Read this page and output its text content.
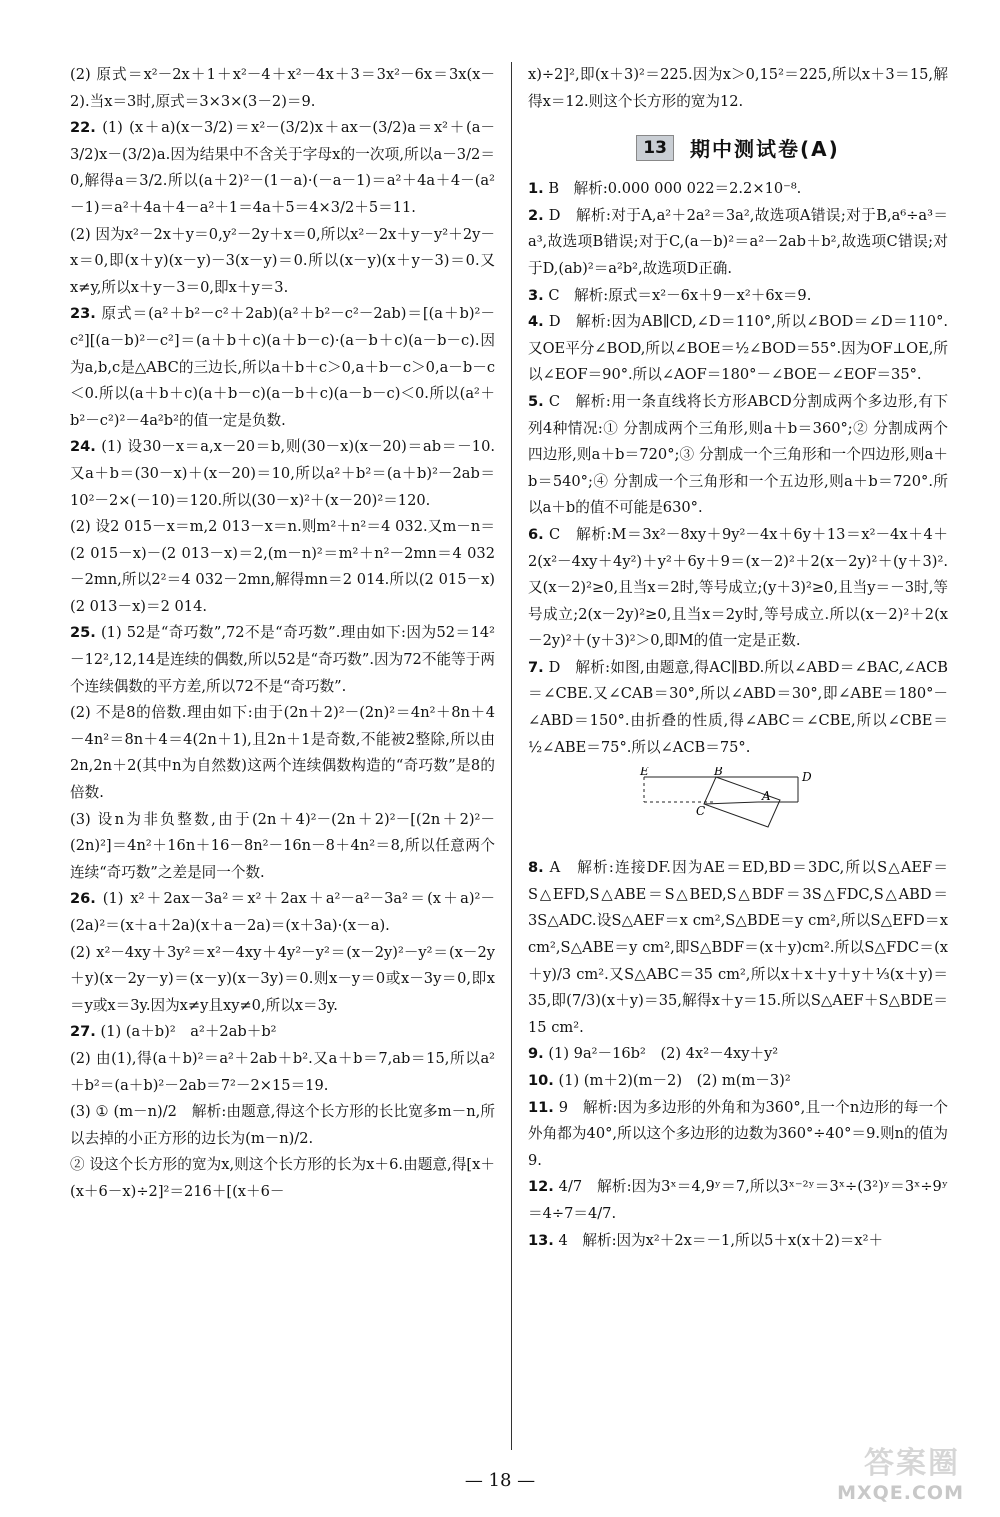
(2) 原式＝x²－2x＋1＋x²－4＋x²－4x＋3＝3x²－6x＝3x(x－2).当x＝3时,原式＝3×3×(3－2)＝9.

22. (1) (x＋a)(x－3/2)＝x²－(3/2)x＋ax－(3/2)a＝x²＋(a－3/2)x－(3/2)a.因为结果中不含关于字母x的一次项,所以a－3/2＝0,解得a＝3/2.所以(a＋2)²－(1－a)·(－a－1)＝a²＋4a＋4－(a²－1)＝a²＋4a＋4－a²＋1＝4a＋5＝4×3/2＋5＝11.

(2) 因为x²－2x＋y＝0,y²－2y＋x＝0,所以x²－2x＋y－y²＋2y－x＝0,即(x＋y)(x－y)－3(x－y)＝0.所以(x－y)(x＋y－3)＝0.又x≠y,所以x＋y－3＝0,即x＋y＝3.

23. 原式＝(a²＋b²－c²＋2ab)(a²＋b²－c²－2ab)＝[(a＋b)²－c²][(a－b)²－c²]＝(a＋b＋c)(a＋b－c)·(a－b＋c)(a－b－c).因为a,b,c是△ABC的三边长,所以a＋b＋c＞0,a＋b－c＞0,a－b－c＜0.所以(a＋b＋c)(a＋b－c)(a－b＋c)(a－b－c)＜0.所以(a²＋b²－c²)²－4a²b²的值一定是负数.

24. (1) 设30－x＝a,x－20＝b,则(30－x)(x－20)＝ab＝－10.又a＋b＝(30－x)＋(x－20)＝10,所以a²＋b²＝(a＋b)²－2ab＝10²－2×(－10)＝120.所以(30－x)²＋(x－20)²＝120.

(2) 设2 015－x＝m,2 013－x＝n.则m²＋n²＝4 032.又m－n＝(2 015－x)－(2 013－x)＝2,(m－n)²＝m²＋n²－2mn＝4 032－2mn,所以2²＝4 032－2mn,解得mn＝2 014.所以(2 015－x)(2 013－x)＝2 014.

25. (1) 52是“奇巧数”,72不是“奇巧数”.理由如下:因为52＝14²－12²,12,14是连续的偶数,所以52是“奇巧数”.因为72不能等于两个连续偶数的平方差,所以72不是“奇巧数”.

(2) 不是8的倍数.理由如下:由于(2n＋2)²－(2n)²＝4n²＋8n＋4－4n²＝8n＋4＝4(2n＋1),且2n＋1是奇数,不能被2整除,所以由2n,2n＋2(其中n为自然数)这两个连续偶数构造的“奇巧数”是8的倍数.

(3) 设n为非负整数,由于(2n＋4)²－(2n＋2)²－[(2n＋2)²－(2n)²]＝4n²＋16n＋16－8n²－16n－8＋4n²＝8,所以任意两个连续“奇巧数”之差是同一个数.

26. (1) x²＋2ax－3a²＝x²＋2ax＋a²－a²－3a²＝(x＋a)²－(2a)²＝(x＋a＋2a)(x＋a－2a)＝(x＋3a)·(x－a).

(2) x²－4xy＋3y²＝x²－4xy＋4y²－y²＝(x－2y)²－y²＝(x－2y＋y)(x－2y－y)＝(x－y)(x－3y)＝0.则x－y＝0或x－3y＝0,即x＝y或x＝3y.因为x≠y且xy≠0,所以x＝3y.

27. (1) (a＋b)²　a²＋2ab＋b²

(2) 由(1),得(a＋b)²＝a²＋2ab＋b².又a＋b＝7,ab＝15,所以a²＋b²＝(a＋b)²－2ab＝7²－2×15＝19.

(3) ① (m－n)/2　解析:由题意,得这个长方形的长比宽多m－n,所以去掉的小正方形的边长为(m－n)/2.

② 设这个长方形的宽为x,则这个长方形的长为x＋6.由题意,得[x＋(x＋6－x)÷2]²＝216＋[(x＋6－

x)÷2]²,即(x＋3)²＝225.因为x＞0,15²＝225,所以x＋3＝15,解得x＝12.则这个长方形的宽为12.

13	期中测试卷(A)

1. B　解析:0.000 000 022＝2.2×10⁻⁸.

2. D　解析:对于A,a²＋2a²＝3a²,故选项A错误;对于B,a⁶÷a³＝a³,故选项B错误;对于C,(a－b)²＝a²－2ab＋b²,故选项C错误;对于D,(ab)²＝a²b²,故选项D正确.

3. C　解析:原式＝x²－6x＋9－x²＋6x＝9.

4. D　解析:因为AB∥CD,∠D＝110°,所以∠BOD＝∠D＝110°.又OE平分∠BOD,所以∠BOE＝½∠BOD＝55°.因为OF⊥OE,所以∠EOF＝90°.所以∠AOF＝180°－∠BOE－∠EOF＝35°.

5. C　解析:用一条直线将长方形ABCD分割成两个多边形,有下列4种情况:① 分割成两个三角形,则a＋b＝360°;② 分割成两个四边形,则a＋b＝720°;③ 分割成一个三角形和一个四边形,则a＋b＝540°;④ 分割成一个三角形和一个五边形,则a＋b＝720°.所以a＋b的值不可能是630°.

6. C　解析:M＝3x²－8xy＋9y²－4x＋6y＋13＝x²－4x＋4＋2(x²－4xy＋4y²)＋y²＋6y＋9＝(x－2)²＋2(x－2y)²＋(y＋3)².又(x－2)²≥0,且当x＝2时,等号成立;(y＋3)²≥0,且当y＝－3时,等号成立;2(x－2y)²≥0,且当x＝2y时,等号成立.所以(x－2)²＋2(x－2y)²＋(y＋3)²＞0,即M的值一定是正数.

7. D　解析:如图,由题意,得AC∥BD.所以∠ABD＝∠BAC,∠ACB＝∠CBE.又∠CAB＝30°,所以∠ABD＝30°,即∠ABE＝180°－∠ABD＝150°.由折叠的性质,得∠ABC＝∠CBE,所以∠CBE＝½∠ABE＝75°.所以∠ACB＝75°.

E	B	D
A
C

8. A　解析:连接DF.因为AE＝ED,BD＝3DC,所以S△AEF＝S△EFD,S△ABE＝S△BED,S△BDF＝3S△FDC,S△ABD＝3S△ADC.设S△AEF＝x cm²,S△BDE＝y cm²,所以S△EFD＝x cm²,S△ABE＝y cm²,即S△BDF＝(x＋y)cm².所以S△FDC＝(x＋y)/3 cm².又S△ABC＝35 cm²,所以x＋x＋y＋y＋⅓(x＋y)＝35,即(7/3)(x＋y)＝35,解得x＋y＝15.所以S△AEF＋S△BDE＝15 cm².

9. (1) 9a²－16b²　(2) 4x²－4xy＋y²

10. (1) (m＋2)(m－2)　(2) m(m－3)²

11. 9　解析:因为多边形的外角和为360°,且一个n边形的每一个外角都为40°,所以这个多边形的边数为360°÷40°＝9.则n的值为9.

12. 4/7　解析:因为3ˣ＝4,9ʸ＝7,所以3ˣ⁻²ʸ＝3ˣ÷(3²)ʸ＝3ˣ÷9ʸ＝4÷7＝4/7.

13. 4　解析:因为x²＋2x＝－1,所以5＋x(x＋2)＝x²＋

— 18 —	答案圈
MXQE.COM
